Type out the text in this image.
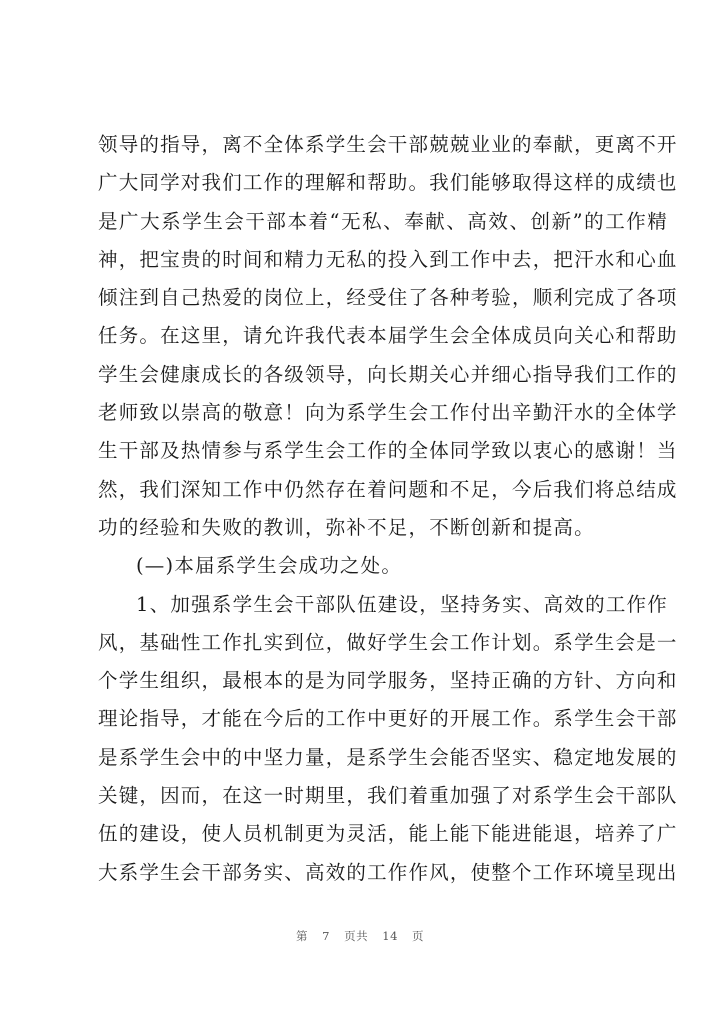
领导的指导，离不全体系学生会干部兢兢业业的奉献，更离不开
广大同学对我们工作的理解和帮助。我们能够取得这样的成绩也
是广大系学生会干部本着“无私、奉献、高效、创新”的工作精
神，把宝贵的时间和精力无私的投入到工作中去，把汗水和心血
倾注到自己热爱的岗位上，经受住了各种考验，顺利完成了各项
任务。在这里，请允许我代表本届学生会全体成员向关心和帮助
学生会健康成长的各级领导，向长期关心并细心指导我们工作的
老师致以崇高的敬意！向为系学生会工作付出辛勤汗水的全体学
生干部及热情参与系学生会工作的全体同学致以衷心的感谢！当
然，我们深知工作中仍然存在着问题和不足，今后我们将总结成
功的经验和失败的教训，弥补不足，不断创新和提高。
(—)本届系学生会成功之处。
1、加强系学生会干部队伍建设，坚持务实、高效的工作作
风，基础性工作扎实到位，做好学生会工作计划。系学生会是一
个学生组织，最根本的是为同学服务，坚持正确的方针、方向和
理论指导，才能在今后的工作中更好的开展工作。系学生会干部
是系学生会中的中坚力量，是系学生会能否坚实、稳定地发展的
关键，因而，在这一时期里，我们着重加强了对系学生会干部队
伍的建设，使人员机制更为灵活，能上能下能进能退，培养了广
大系学生会干部务实、高效的工作作风，使整个工作环境呈现出
第 7 页共 14 页
